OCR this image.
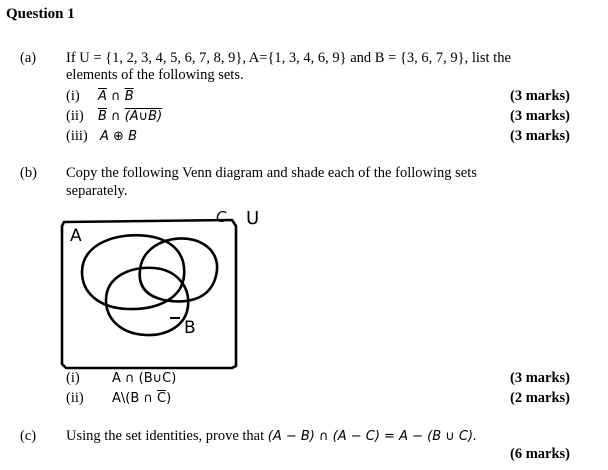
Question 1
(a) If U = {1, 2, 3, 4, 5, 6, 7, 8, 9}, A={1, 3, 4, 6, 9} and B = {3, 6, 7, 9}, list the
elements of the following sets.
(i) $\overline{A}$ ∩ $\overline{B}$	(3 marks)
(ii) $\overline{B}$ ∩ (A∪B)	(3 marks)
(iii) A ⊕ B	(3 marks)
(b) Copy the following Venn diagram and shade each of the following sets
separately.
A
B
C U
(i) A ∩ (B∪C)	(3 marks)
(ii) A\(B ∩ $\overline{C}$)	(2 marks)
(c) Using the set identities, prove that (A − B) ∩ (A − C) = A − (B ∪ C).
(6 marks)
